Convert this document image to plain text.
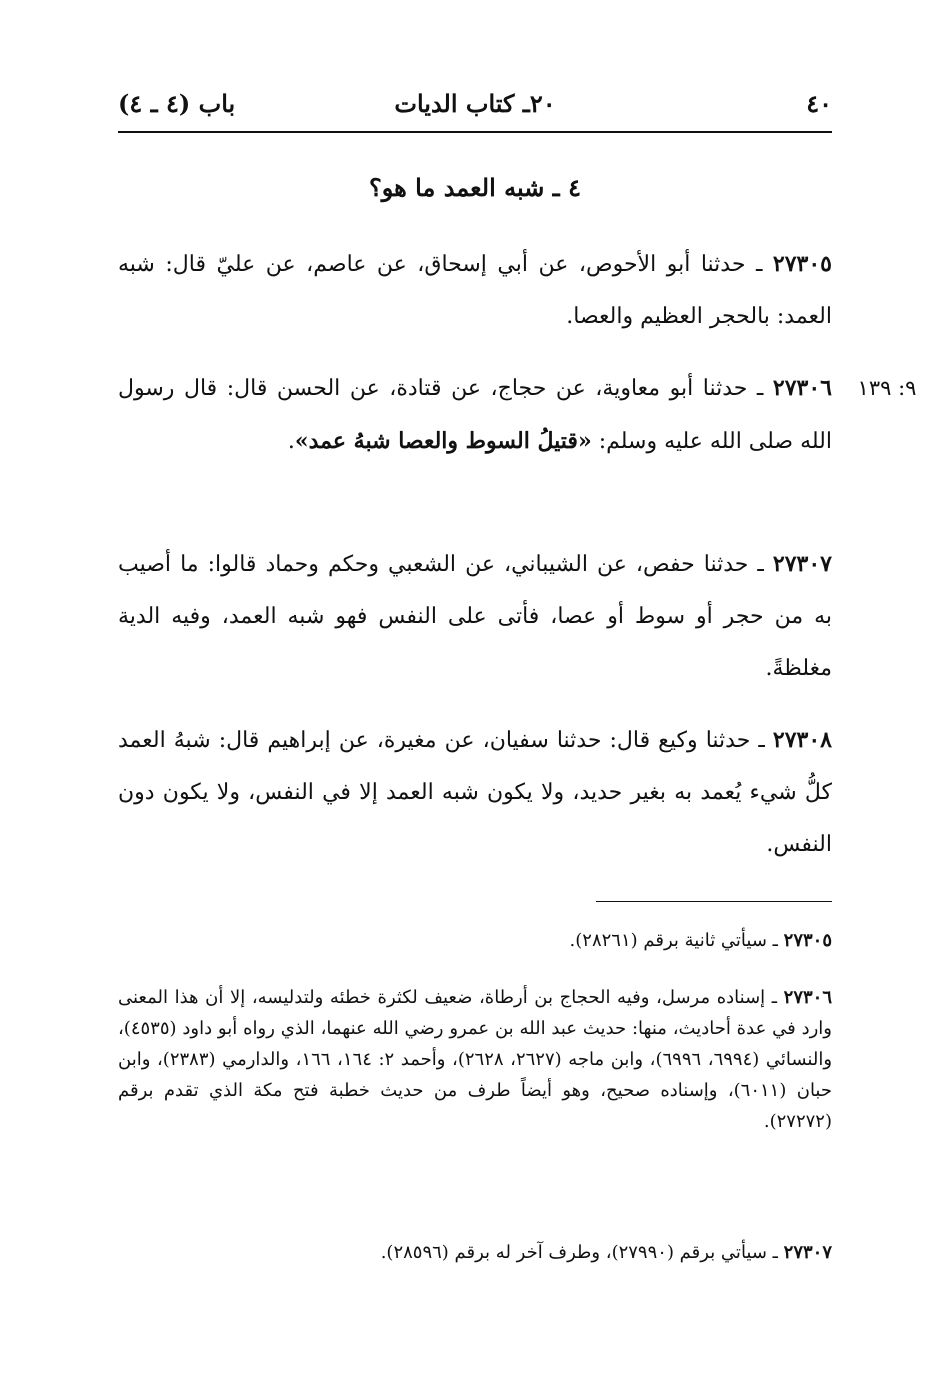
باب (٤ ـ ٤)	٢٠ـ كتاب الديات	٤٠
٤ ـ شبه العمد ما هو؟

٢٧٣٠٥ ـ حدثنا أبو الأحوص، عن أبي إسحاق، عن عاصم، عن عليّ قال: شبه العمد: بالحجر العظيم والعصا.

٩: ١٣٩

٢٧٣٠٦ ـ حدثنا أبو معاوية، عن حجاج، عن قتادة، عن الحسن قال: قال رسول الله صلى الله عليه وسلم: «قتيلُ السوط والعصا شبهُ عمد».

٢٧٣٠٧ ـ حدثنا حفص، عن الشيباني، عن الشعبي وحكم وحماد قالوا: ما أصيب به من حجر أو سوط أو عصا، فأتى على النفس فهو شبه العمد، وفيه الدية مغلظةً.

٢٧٣٠٨ ـ حدثنا وكيع قال: حدثنا سفيان، عن مغيرة، عن إبراهيم قال: شبهُ العمد كلُّ شيء يُعمد به بغير حديد، ولا يكون شبه العمد إلا في النفس، ولا يكون دون النفس.

٢٧٣٠٥ ـ سيأتي ثانية برقم (٢٨٢٦١).

٢٧٣٠٦ ـ إسناده مرسل، وفيه الحجاج بن أرطاة، ضعيف لكثرة خطئه ولتدليسه، إلا أن هذا المعنى وارد في عدة أحاديث، منها: حديث عبد الله بن عمرو رضي الله عنهما، الذي رواه أبو داود (٤٥٣٥)، والنسائي (٦٩٩٤، ٦٩٩٦)، وابن ماجه (٢٦٢٧، ٢٦٢٨)، وأحمد ٢: ١٦٤، ١٦٦، والدارمي (٢٣٨٣)، وابن حبان (٦٠١١)، وإسناده صحيح، وهو أيضاً طرف من حديث خطبة فتح مكة الذي تقدم برقم (٢٧٢٧٢).

٢٧٣٠٧ ـ سيأتي برقم (٢٧٩٩٠)، وطرف آخر له برقم (٢٨٥٩٦).
